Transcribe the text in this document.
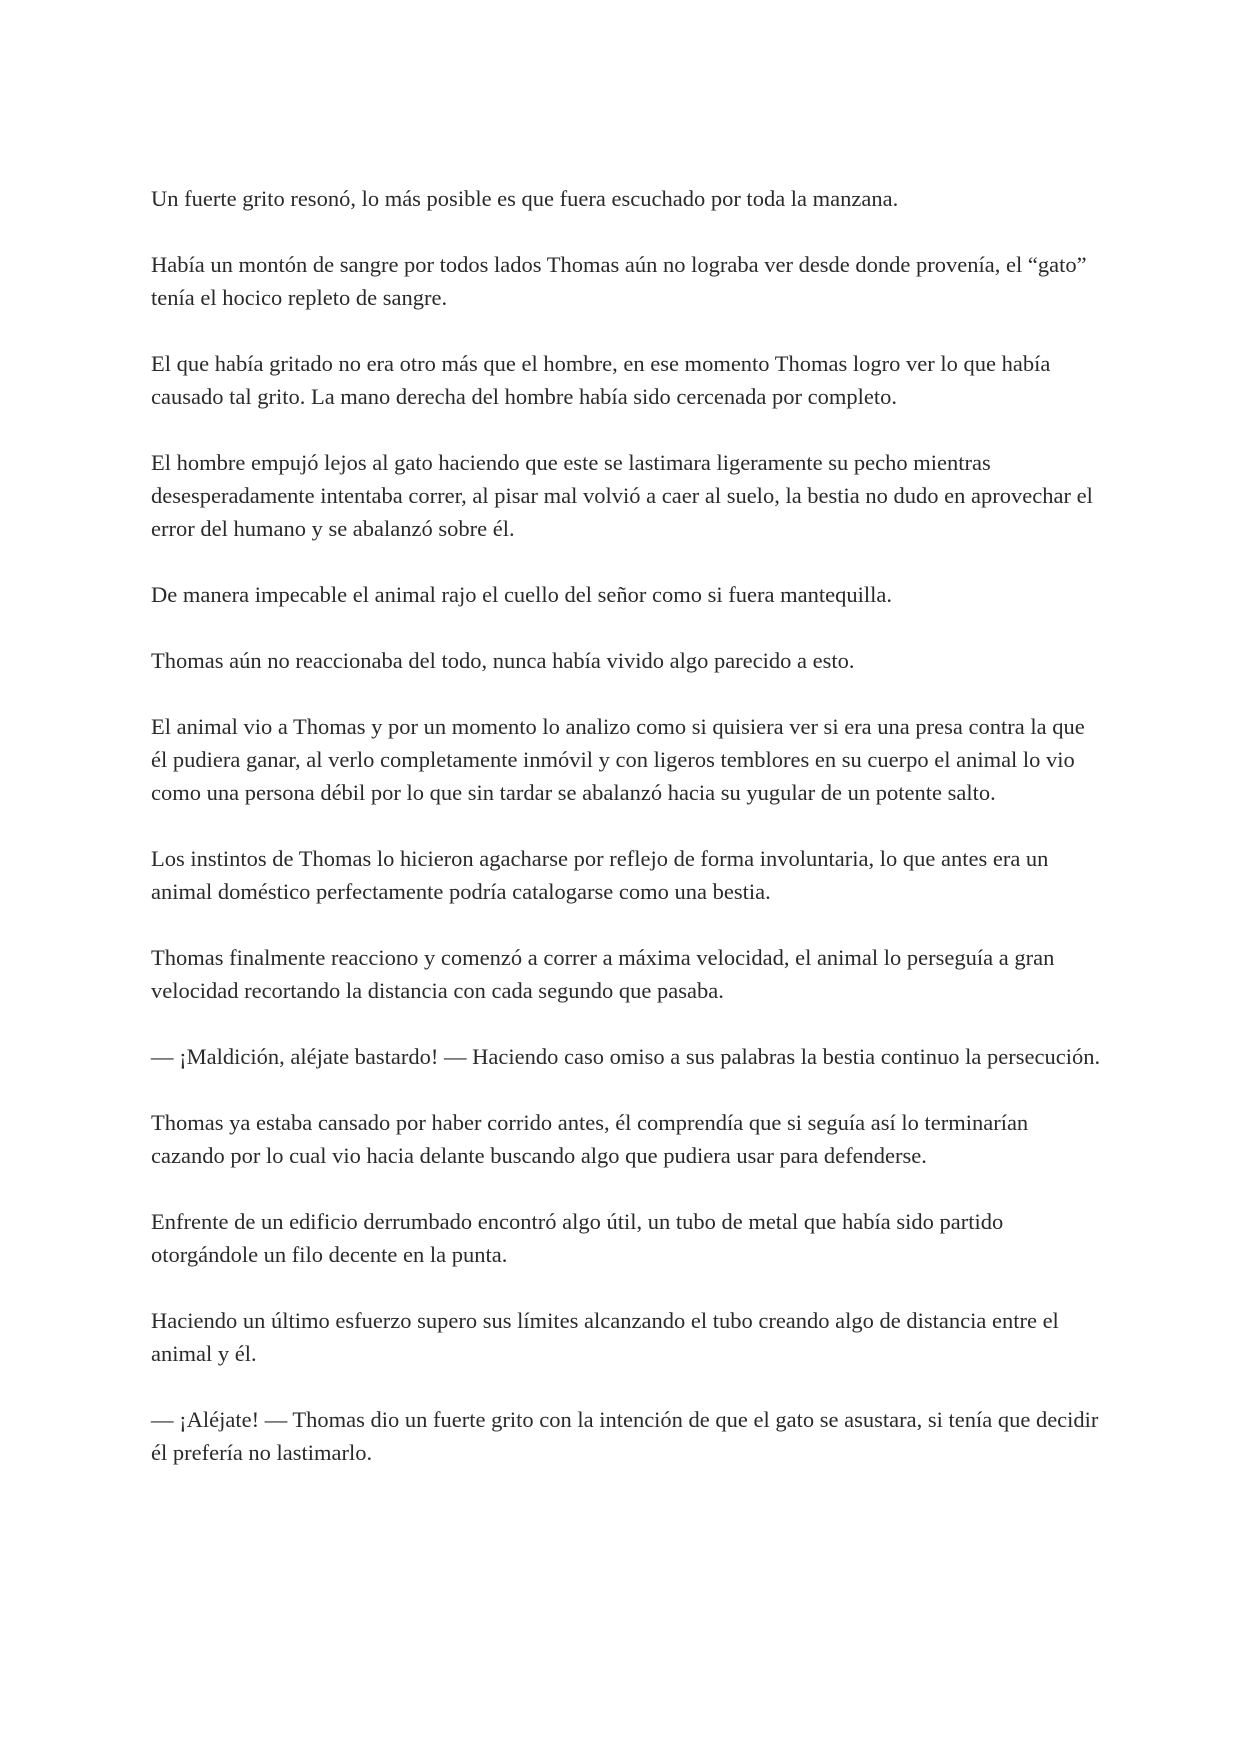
Un fuerte grito resonó, lo más posible es que fuera escuchado por toda la manzana.

Había un montón de sangre por todos lados Thomas aún no lograba ver desde donde provenía, el “gato” tenía el hocico repleto de sangre.

El que había gritado no era otro más que el hombre, en ese momento Thomas logro ver lo que había causado tal grito. La mano derecha del hombre había sido cercenada por completo.

El hombre empujó lejos al gato haciendo que este se lastimara ligeramente su pecho mientras desesperadamente intentaba correr, al pisar mal volvió a caer al suelo, la bestia no dudo en aprovechar el error del humano y se abalanzó sobre él.

De manera impecable el animal rajo el cuello del señor como si fuera mantequilla.

Thomas aún no reaccionaba del todo, nunca había vivido algo parecido a esto.

El animal vio a Thomas y por un momento lo analizo como si quisiera ver si era una presa contra la que él pudiera ganar, al verlo completamente inmóvil y con ligeros temblores en su cuerpo el animal lo vio como una persona débil por lo que sin tardar se abalanzó hacia su yugular de un potente salto.

Los instintos de Thomas lo hicieron agacharse por reflejo de forma involuntaria, lo que antes era un animal doméstico perfectamente podría catalogarse como una bestia.

Thomas finalmente reacciono y comenzó a correr a máxima velocidad, el animal lo perseguía a gran velocidad recortando la distancia con cada segundo que pasaba.

— ¡Maldición, aléjate bastardo! — Haciendo caso omiso a sus palabras la bestia continuo la persecución.

Thomas ya estaba cansado por haber corrido antes, él comprendía que si seguía así lo terminarían cazando por lo cual vio hacia delante buscando algo que pudiera usar para defenderse.

Enfrente de un edificio derrumbado encontró algo útil, un tubo de metal que había sido partido otorgándole un filo decente en la punta.

Haciendo un último esfuerzo supero sus límites alcanzando el tubo creando algo de distancia entre el animal y él.

— ¡Aléjate! — Thomas dio un fuerte grito con la intención de que el gato se asustara, si tenía que decidir él prefería no lastimarlo.
